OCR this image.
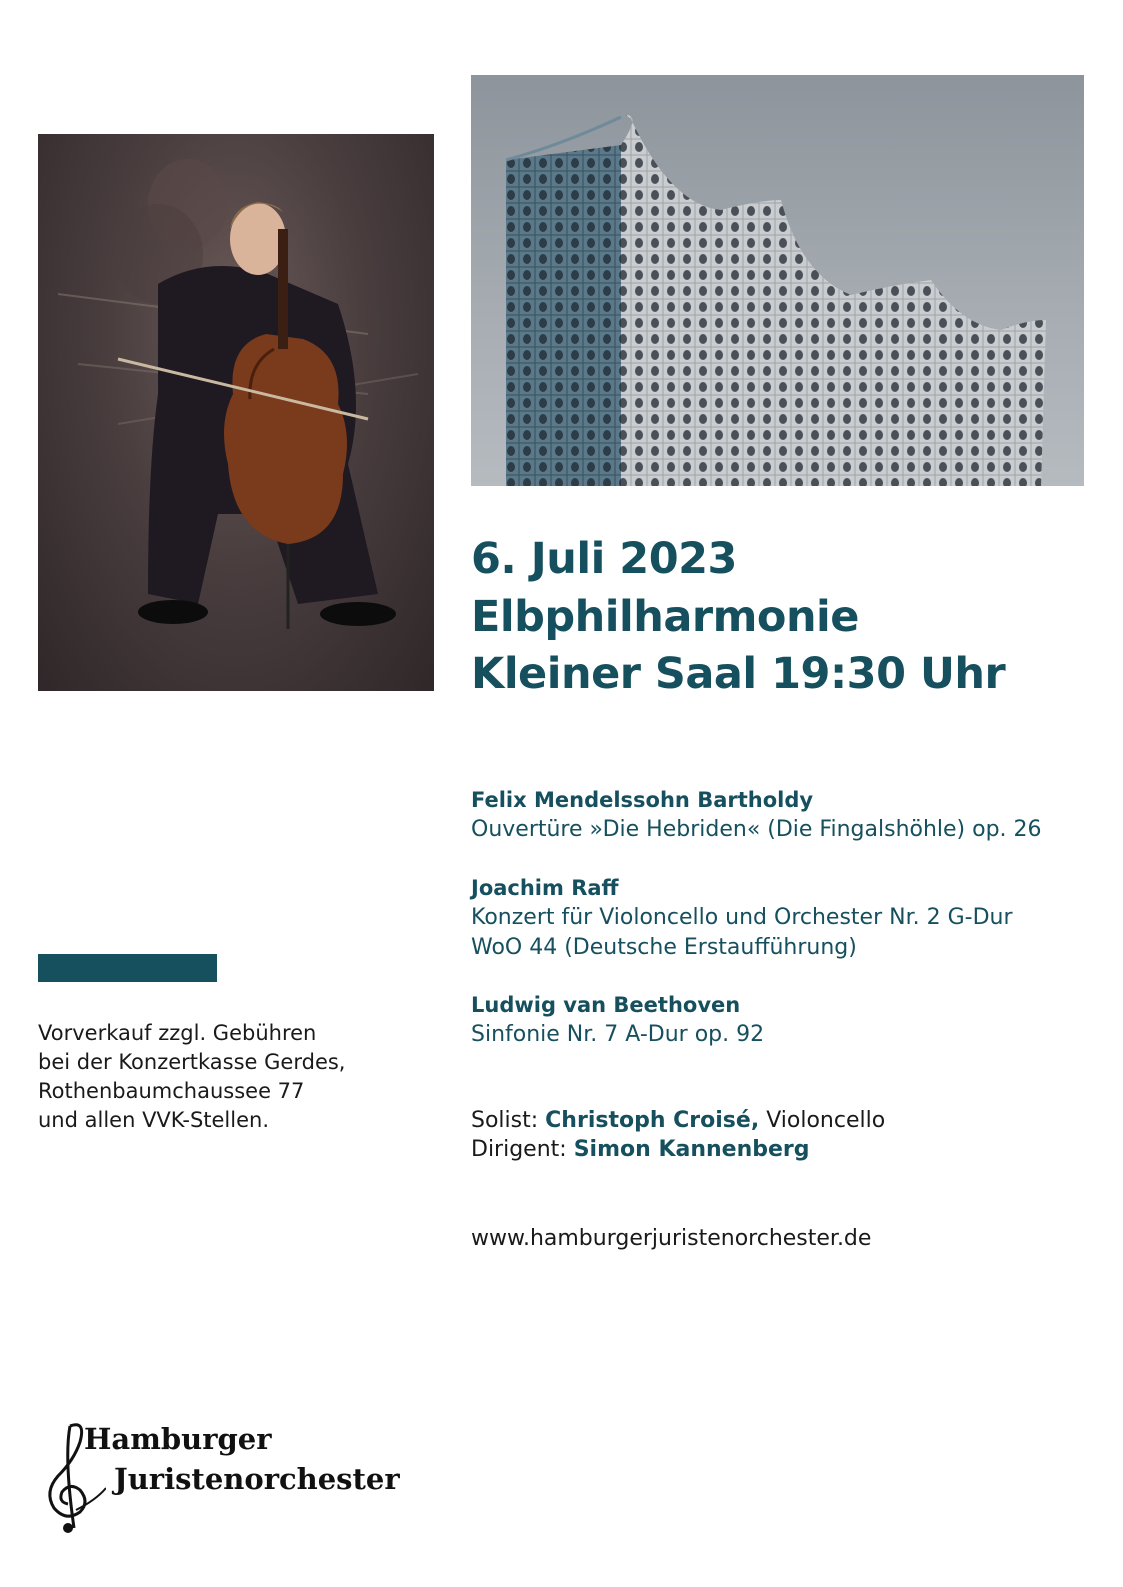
6. Juli 2023
Elbphilharmonie
Kleiner Saal 19:30 Uhr
Felix Mendelssohn Bartholdy
Ouvertüre »Die Hebriden« (Die Fingalshöhle) op. 26
Joachim Raff
Konzert für Violoncello und Orchester Nr. 2 G-Dur
WoO 44 (Deutsche Erstaufführung)
Ludwig van Beethoven
Sinfonie Nr. 7 A-Dur op. 92
Solist: Christoph Croisé, Violoncello
Dirigent: Simon Kannenberg
www.hamburgerjuristenorchester.de
Vorverkauf zzgl. Gebühren
bei der Konzertkasse Gerdes,
Rothenbaumchaussee 77
und allen VVK-Stellen.
Hamburger
Juristenorchester
